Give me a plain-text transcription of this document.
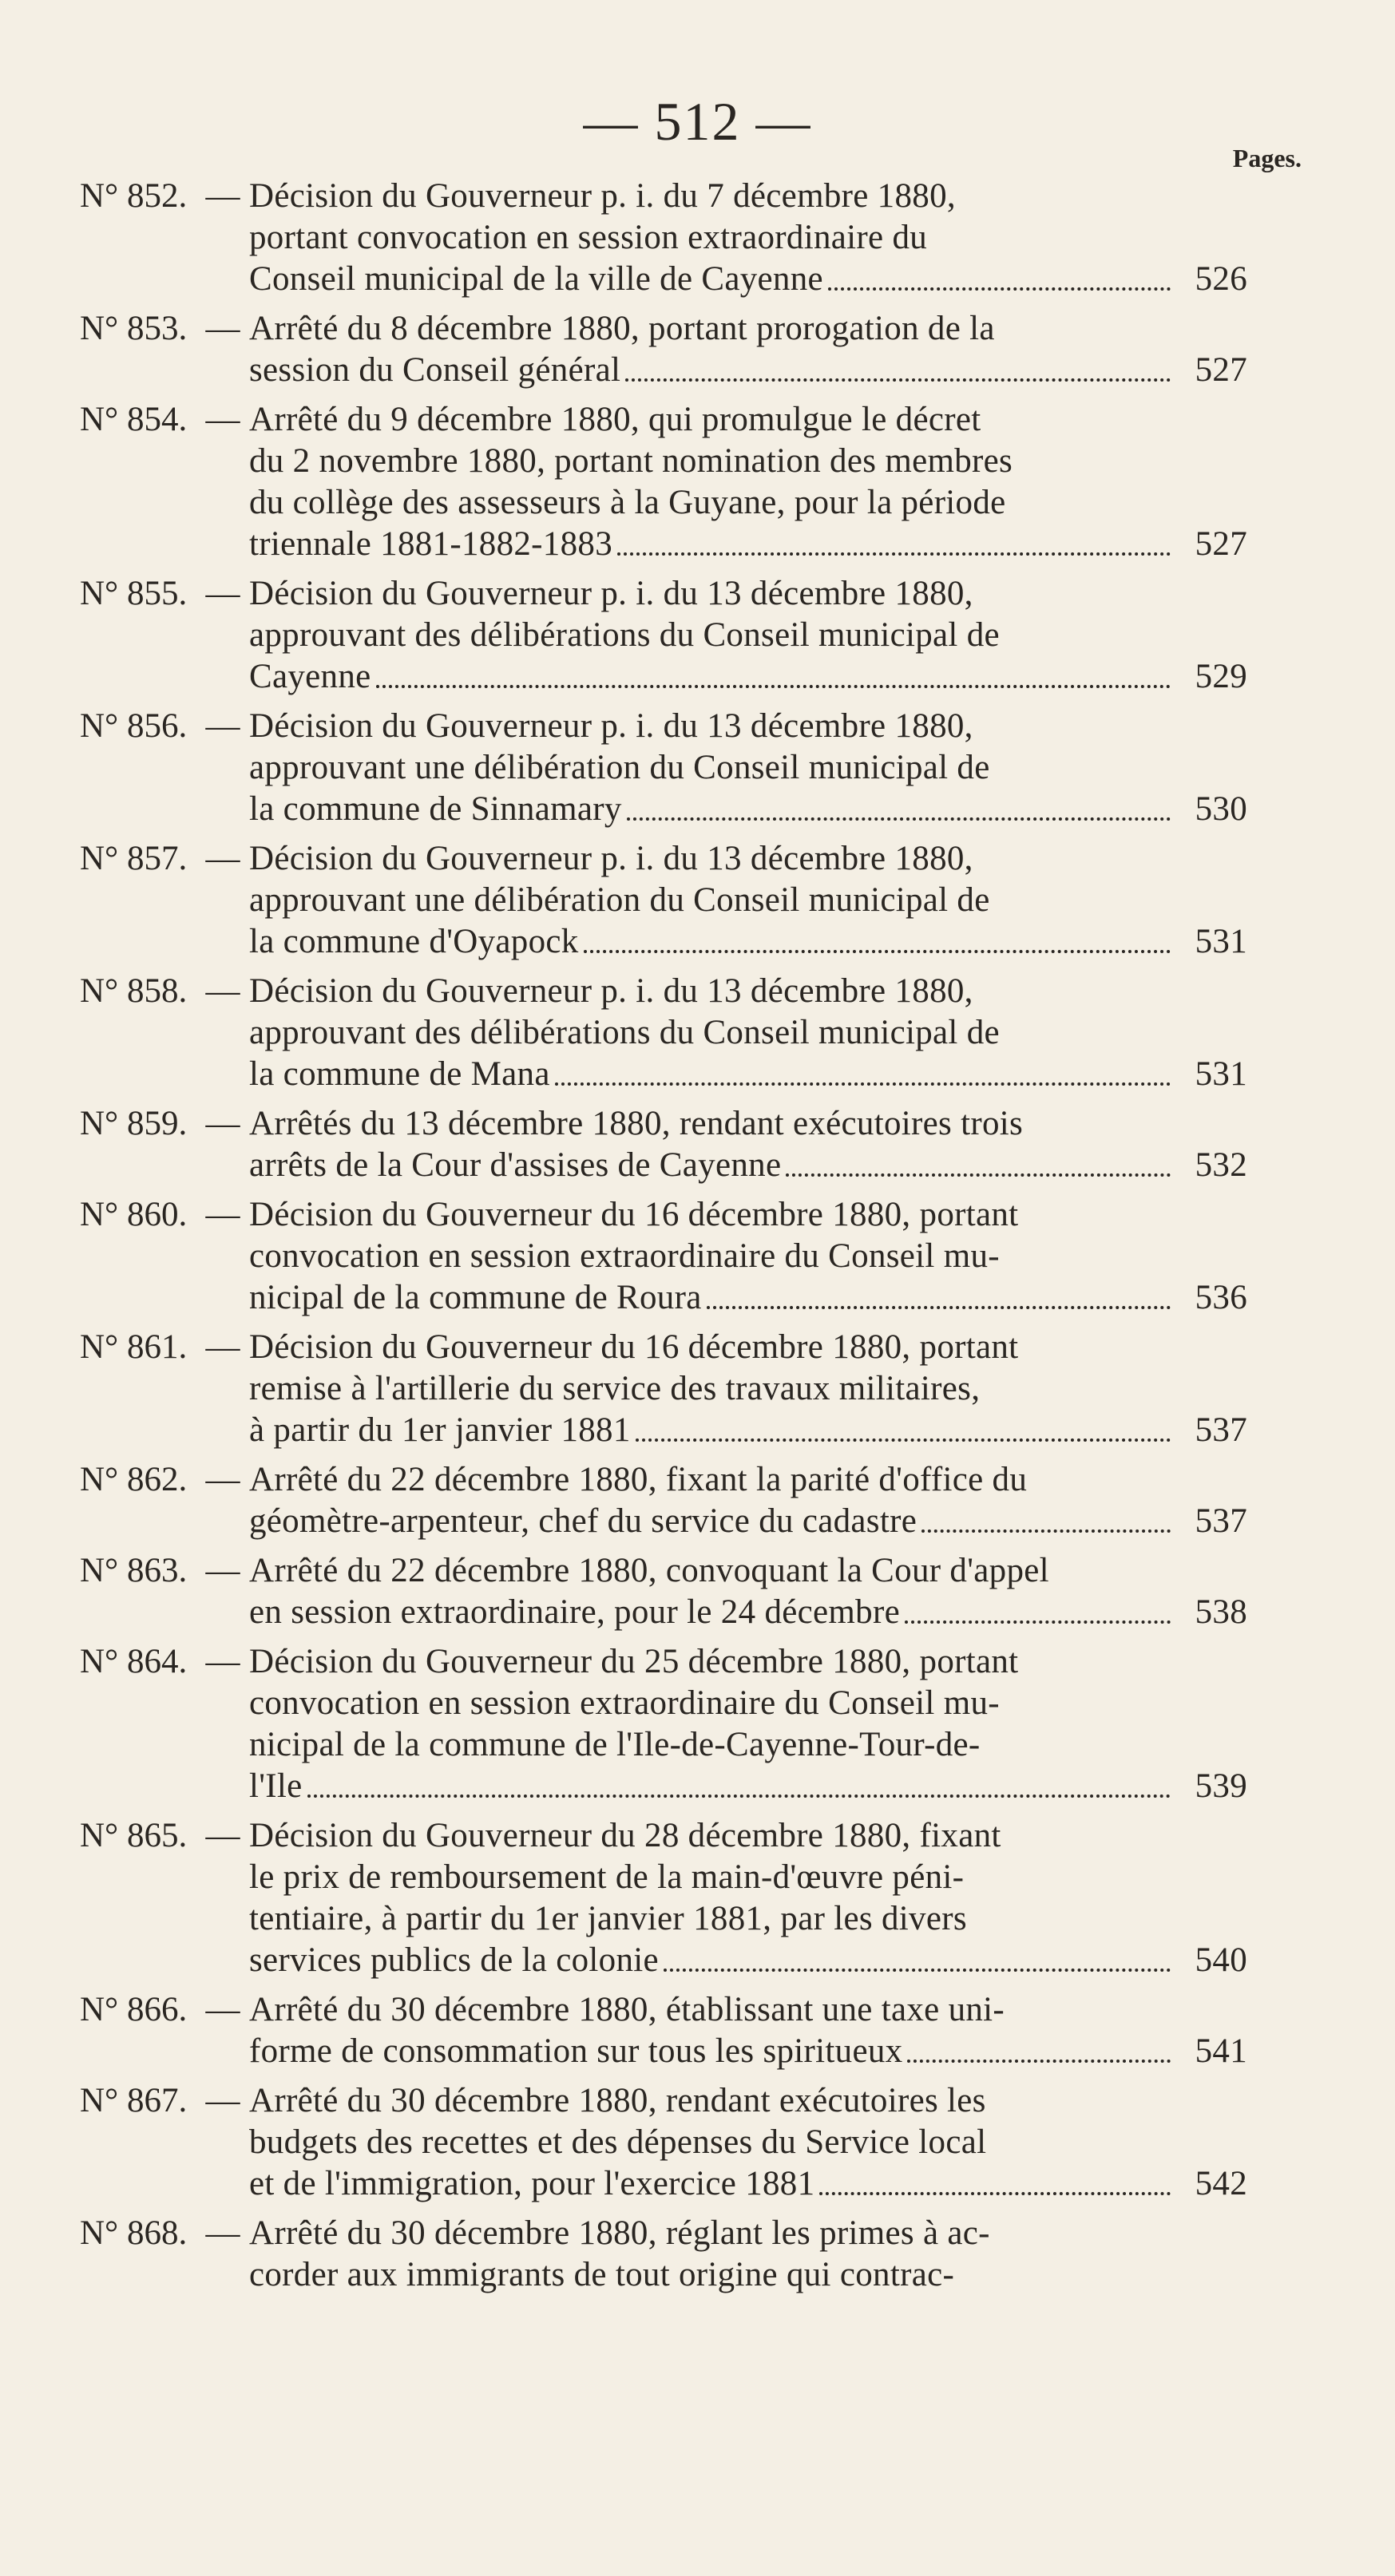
— 512 —
Pages.
N° 852. — Décision du Gouverneur p. i. du 7 décembre 1880,
portant convocation en session extraordinaire du
Conseil municipal de la ville de Cayenne	526
N° 853. — Arrêté du 8 décembre 1880, portant prorogation de la
session du Conseil général	527
N° 854. — Arrêté du 9 décembre 1880, qui promulgue le décret
du 2 novembre 1880, portant nomination des membres
du collège des assesseurs à la Guyane, pour la période
triennale 1881-1882-1883	527
N° 855. — Décision du Gouverneur p. i. du 13 décembre 1880,
approuvant des délibérations du Conseil municipal de
Cayenne	529
N° 856. — Décision du Gouverneur p. i. du 13 décembre 1880,
approuvant une délibération du Conseil municipal de
la commune de Sinnamary	530
N° 857. — Décision du Gouverneur p. i. du 13 décembre 1880,
approuvant une délibération du Conseil municipal de
la commune d'Oyapock	531
N° 858. — Décision du Gouverneur p. i. du 13 décembre 1880,
approuvant des délibérations du Conseil municipal de
la commune de Mana	531
N° 859. — Arrêtés du 13 décembre 1880, rendant exécutoires trois
arrêts de la Cour d'assises de Cayenne	532
N° 860. — Décision du Gouverneur du 16 décembre 1880, portant
convocation en session extraordinaire du Conseil mu-
nicipal de la commune de Roura	536
N° 861. — Décision du Gouverneur du 16 décembre 1880, portant
remise à l'artillerie du service des travaux militaires,
à partir du 1er janvier 1881	537
N° 862. — Arrêté du 22 décembre 1880, fixant la parité d'office du
géomètre-arpenteur, chef du service du cadastre	537
N° 863. — Arrêté du 22 décembre 1880, convoquant la Cour d'appel
en session extraordinaire, pour le 24 décembre	538
N° 864. — Décision du Gouverneur du 25 décembre 1880, portant
convocation en session extraordinaire du Conseil mu-
nicipal de la commune de l'Ile-de-Cayenne-Tour-de-
l'Ile	539
N° 865. — Décision du Gouverneur du 28 décembre 1880, fixant
le prix de remboursement de la main-d'œuvre péni-
tentiaire, à partir du 1er janvier 1881, par les divers
services publics de la colonie	540
N° 866. — Arrêté du 30 décembre 1880, établissant une taxe uni-
forme de consommation sur tous les spiritueux	541
N° 867. — Arrêté du 30 décembre 1880, rendant exécutoires les
budgets des recettes et des dépenses du Service local
et de l'immigration, pour l'exercice 1881	542
N° 868. — Arrêté du 30 décembre 1880, réglant les primes à ac-
corder aux immigrants de tout origine qui contrac-
